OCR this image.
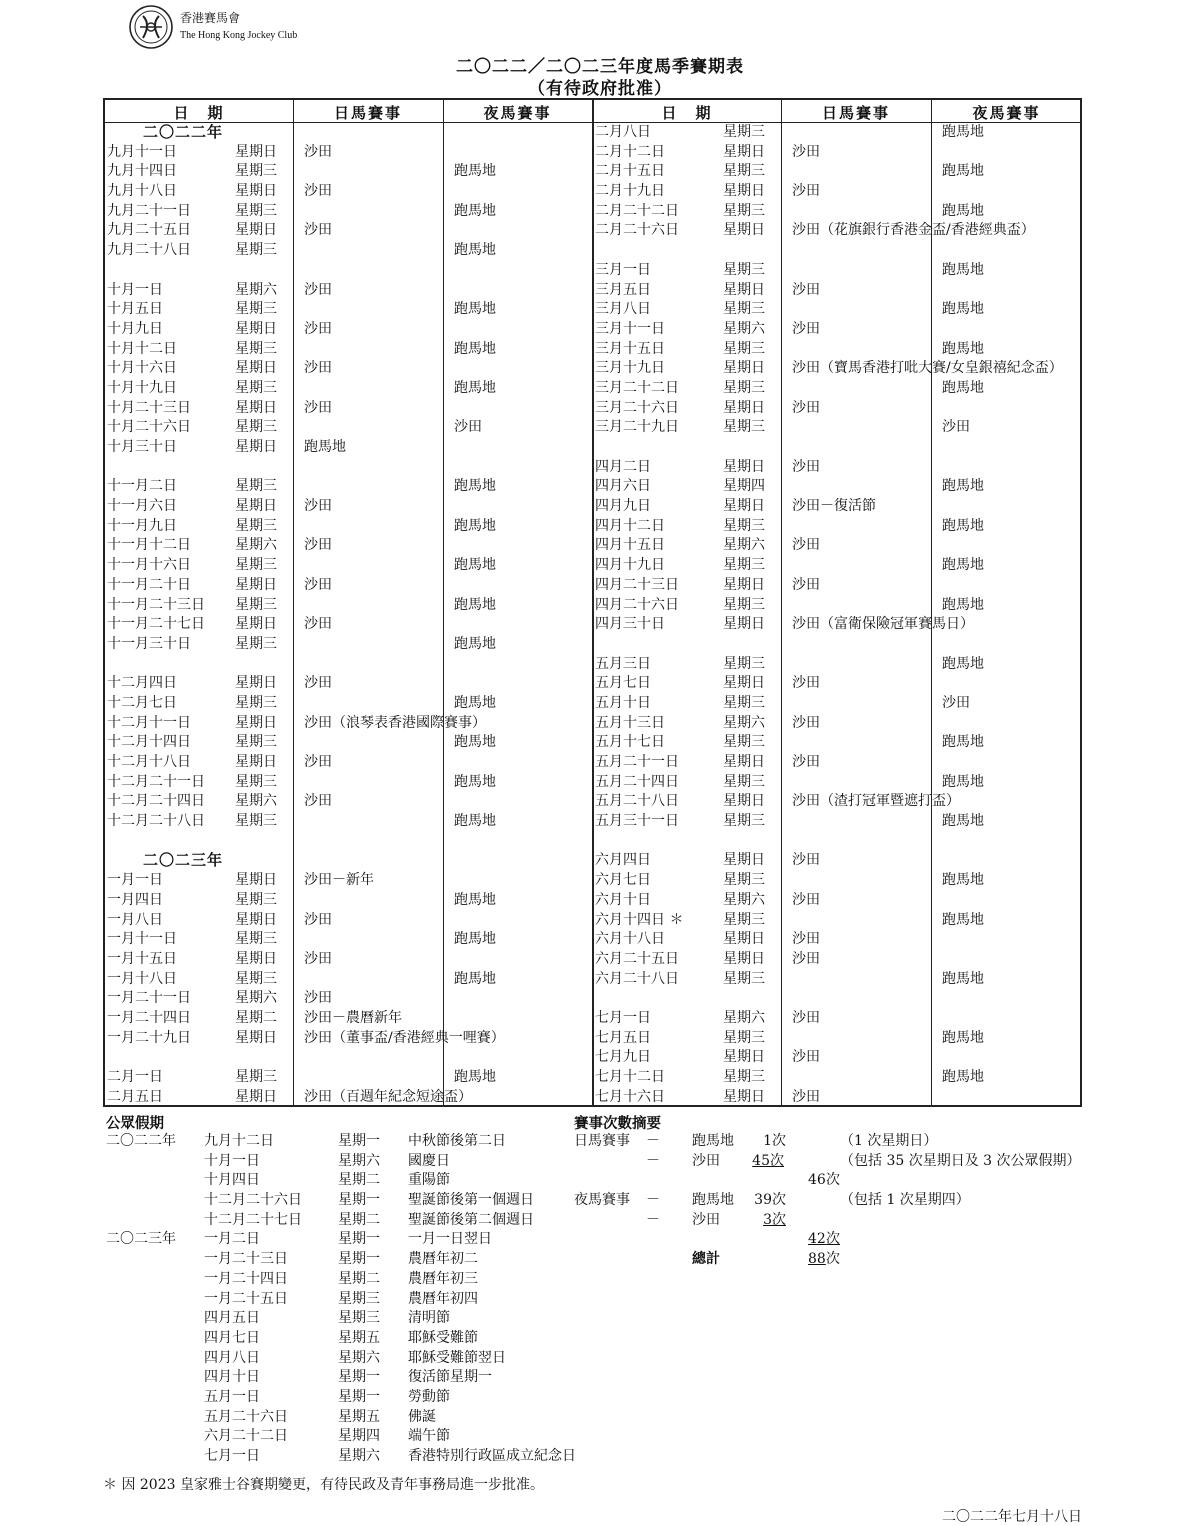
香港賽馬會
The Hong Kong Jockey Club
二〇二二／二〇二三年度馬季賽期表
（有待政府批准）
日　期	日馬賽事	夜馬賽事	日　期	日馬賽事	夜馬賽事
二〇二二年
九月十一日	星期日 沙田
九月十四日	星期三	跑馬地
九月十八日	星期日 沙田
九月二十一日	星期三	跑馬地
九月二十五日	星期日 沙田
九月二十八日	星期三	跑馬地
十月一日	星期六 沙田
十月五日	星期三	跑馬地
十月九日	星期日 沙田
十月十二日	星期三	跑馬地
十月十六日	星期日 沙田
十月十九日	星期三	跑馬地
十月二十三日	星期日 沙田
十月二十六日	星期三	沙田
十月三十日	星期日 跑馬地
十一月二日	星期三	跑馬地
十一月六日	星期日 沙田
十一月九日	星期三	跑馬地
十一月十二日	星期六 沙田
十一月十六日	星期三	跑馬地
十一月二十日	星期日 沙田
十一月二十三日 星期三	跑馬地
十一月二十七日 星期日 沙田
十一月三十日	星期三	跑馬地
十二月四日	星期日 沙田
十二月七日	星期三	跑馬地
十二月十一日	星期日 沙田（浪琴表香港國際賽事）
十二月十四日	星期三	跑馬地
十二月十八日	星期日 沙田
十二月二十一日 星期三	跑馬地
十二月二十四日 星期六 沙田
十二月二十八日 星期三	跑馬地
二〇二三年
一月一日	星期日 沙田－新年
一月四日	星期三	跑馬地
一月八日	星期日 沙田
一月十一日	星期三	跑馬地
一月十五日	星期日 沙田
一月十八日	星期三	跑馬地
一月二十一日	星期六 沙田
一月二十四日	星期二 沙田－農曆新年
一月二十九日	星期日 沙田（董事盃/香港經典一哩賽）
二月一日	星期三	跑馬地
二月五日	星期日 沙田（百週年紀念短途盃）
二月八日	星期三	跑馬地
二月十二日	星期日 沙田
二月十五日	星期三	跑馬地
二月十九日	星期日 沙田
二月二十二日	星期三	跑馬地
二月二十六日	星期日 沙田（花旗銀行香港金盃/香港經典盃）
三月一日	星期三	跑馬地
三月五日	星期日 沙田
三月八日	星期三	跑馬地
三月十一日	星期六 沙田
三月十五日	星期三	跑馬地
三月十九日	星期日 沙田（寶馬香港打吡大賽/女皇銀禧紀念盃）
三月二十二日	星期三	跑馬地
三月二十六日	星期日 沙田
三月二十九日	星期三	沙田
四月二日	星期日 沙田
四月六日	星期四	跑馬地
四月九日	星期日 沙田－復活節
四月十二日	星期三	跑馬地
四月十五日	星期六 沙田
四月十九日	星期三	跑馬地
四月二十三日	星期日 沙田
四月二十六日	星期三	跑馬地
四月三十日	星期日 沙田（富衛保險冠軍賽馬日）
五月三日	星期三	跑馬地
五月七日	星期日 沙田
五月十日	星期三	沙田
五月十三日	星期六 沙田
五月十七日	星期三	跑馬地
五月二十一日	星期日 沙田
五月二十四日	星期三	跑馬地
五月二十八日	星期日 沙田（渣打冠軍暨遮打盃）
五月三十一日	星期三	跑馬地
六月四日	星期日 沙田
六月七日	星期三	跑馬地
六月十日	星期六 沙田
六月十四日 ＊	星期三	跑馬地
六月十八日	星期日 沙田
六月二十五日	星期日 沙田
六月二十八日	星期三	跑馬地
七月一日	星期六 沙田
七月五日	星期三	跑馬地
七月九日	星期日 沙田
七月十二日	星期三	跑馬地
七月十六日	星期日 沙田
公眾假期
二〇二二年 九月十二日	星期一 中秋節後第二日
十月一日	星期六 國慶日
十月四日	星期二 重陽節
十二月二十六日	星期一 聖誕節後第一個週日
十二月二十七日	星期二 聖誕節後第二個週日
二〇二三年 一月二日	星期一 一月一日翌日
一月二十三日	星期一 農曆年初二
一月二十四日	星期二 農曆年初三
一月二十五日	星期三 農曆年初四
四月五日	星期三 清明節
四月七日	星期五 耶穌受難節
四月八日	星期六 耶穌受難節翌日
四月十日	星期一 復活節星期一
五月一日	星期一 勞動節
五月二十六日	星期五 佛誕
六月二十二日	星期四 端午節
七月一日	星期六 香港特別行政區成立紀念日
賽事次數摘要
日馬賽事 － 跑馬地	1 次	（1 次星期日）
－ 沙田 45 次	（包括 35 次星期日及 3 次公眾假期）
46 次
夜馬賽事 － 跑馬地 39 次	（包括 1 次星期四）
－ 沙田	3 次
42 次
總計	88 次
＊ 因 2023 皇家雅士谷賽期變更，有待民政及青年事務局進一步批准。
二〇二二年七月十八日
